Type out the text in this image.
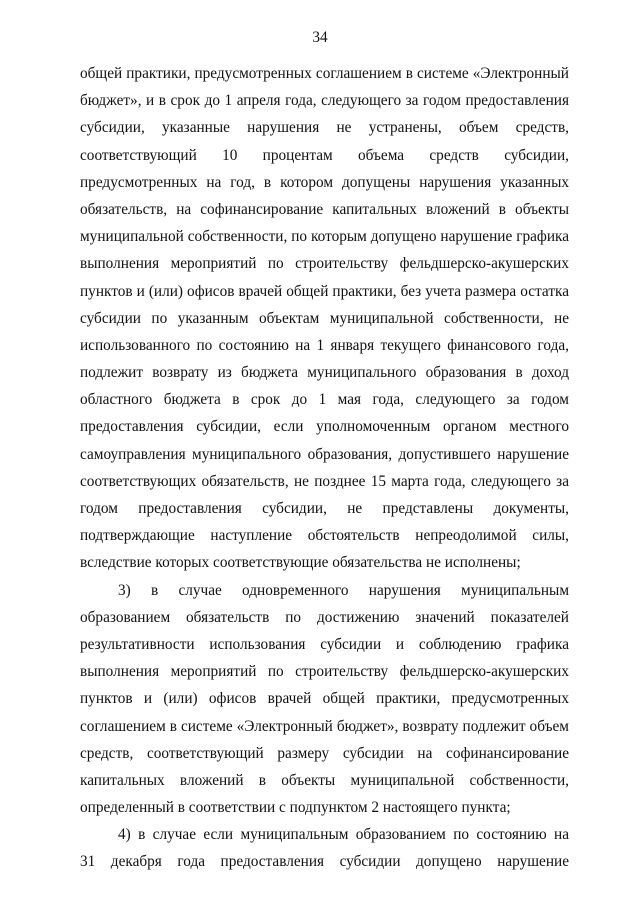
34
общей практики, предусмотренных соглашением в системе «Электронный
бюджет», и в срок до 1 апреля года, следующего за годом предоставления
субсидии, указанные нарушения не устранены, объем средств,
соответствующий 10 процентам объема средств субсидии,
предусмотренных на год, в котором допущены нарушения указанных
обязательств, на софинансирование капитальных вложений в объекты
муниципальной собственности, по которым допущено нарушение графика
выполнения мероприятий по строительству фельдшерско-акушерских
пунктов и (или) офисов врачей общей практики, без учета размера остатка
субсидии по указанным объектам муниципальной собственности, не
использованного по состоянию на 1 января текущего финансового года,
подлежит возврату из бюджета муниципального образования в доход
областного бюджета в срок до 1 мая года, следующего за годом
предоставления субсидии, если уполномоченным органом местного
самоуправления муниципального образования, допустившего нарушение
соответствующих обязательств, не позднее 15 марта года, следующего за
годом предоставления субсидии, не представлены документы,
подтверждающие наступление обстоятельств непреодолимой силы,
вследствие которых соответствующие обязательства не исполнены;
3) в случае одновременного нарушения муниципальным
образованием обязательств по достижению значений показателей
результативности использования субсидии и соблюдению графика
выполнения мероприятий по строительству фельдшерско-акушерских
пунктов и (или) офисов врачей общей практики, предусмотренных
соглашением в системе «Электронный бюджет», возврату подлежит объем
средств, соответствующий размеру субсидии на софинансирование
капитальных вложений в объекты муниципальной собственности,
определенный в соответствии с подпунктом 2 настоящего пункта;
4) в случае если муниципальным образованием по состоянию на
31 декабря года предоставления субсидии допущено нарушение
